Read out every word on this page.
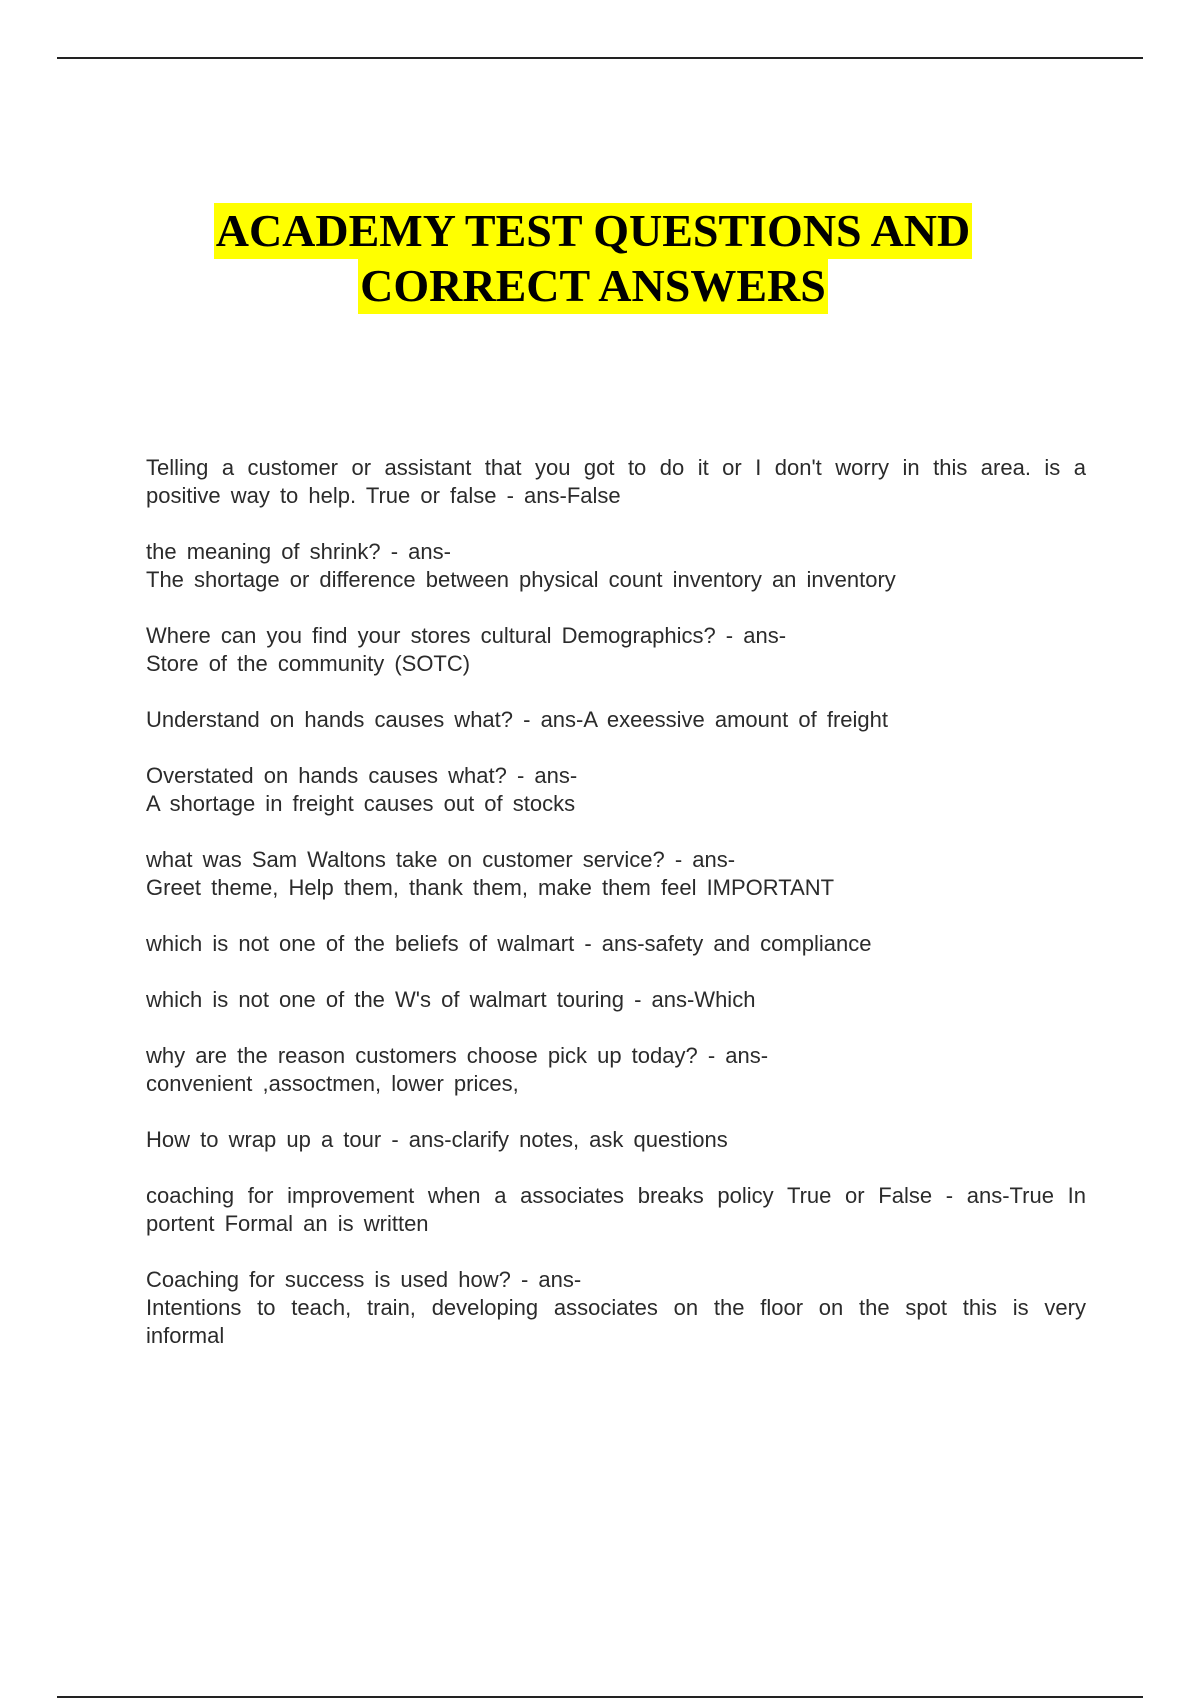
ACADEMY TEST QUESTIONS AND
CORRECT ANSWERS
Telling a customer or assistant that you got to do it or I don't worry in this area. is a positive way to help. True or false - ans-False
the meaning of shrink? - ans-
The shortage or difference between physical count inventory an inventory
Where can you find your stores cultural Demographics? - ans-
Store of the community (SOTC)
Understand on hands causes what? - ans-A exeessive amount of freight
Overstated on hands causes what? - ans-
A shortage in freight causes out of stocks
what was Sam Waltons take on customer service? - ans-
Greet theme, Help them, thank them, make them feel IMPORTANT
which is not one of the beliefs of walmart - ans-safety and compliance
which is not one of the W's of walmart touring - ans-Which
why are the reason customers choose pick up today? - ans-
convenient ,assoctmen, lower prices,
How to wrap up a tour - ans-clarify notes, ask questions
coaching for improvement when a associates breaks policy True or False - ans-True In portent Formal an is written
Coaching for success is used how? - ans-
Intentions to teach, train, developing associates on the floor on the spot this is very informal
